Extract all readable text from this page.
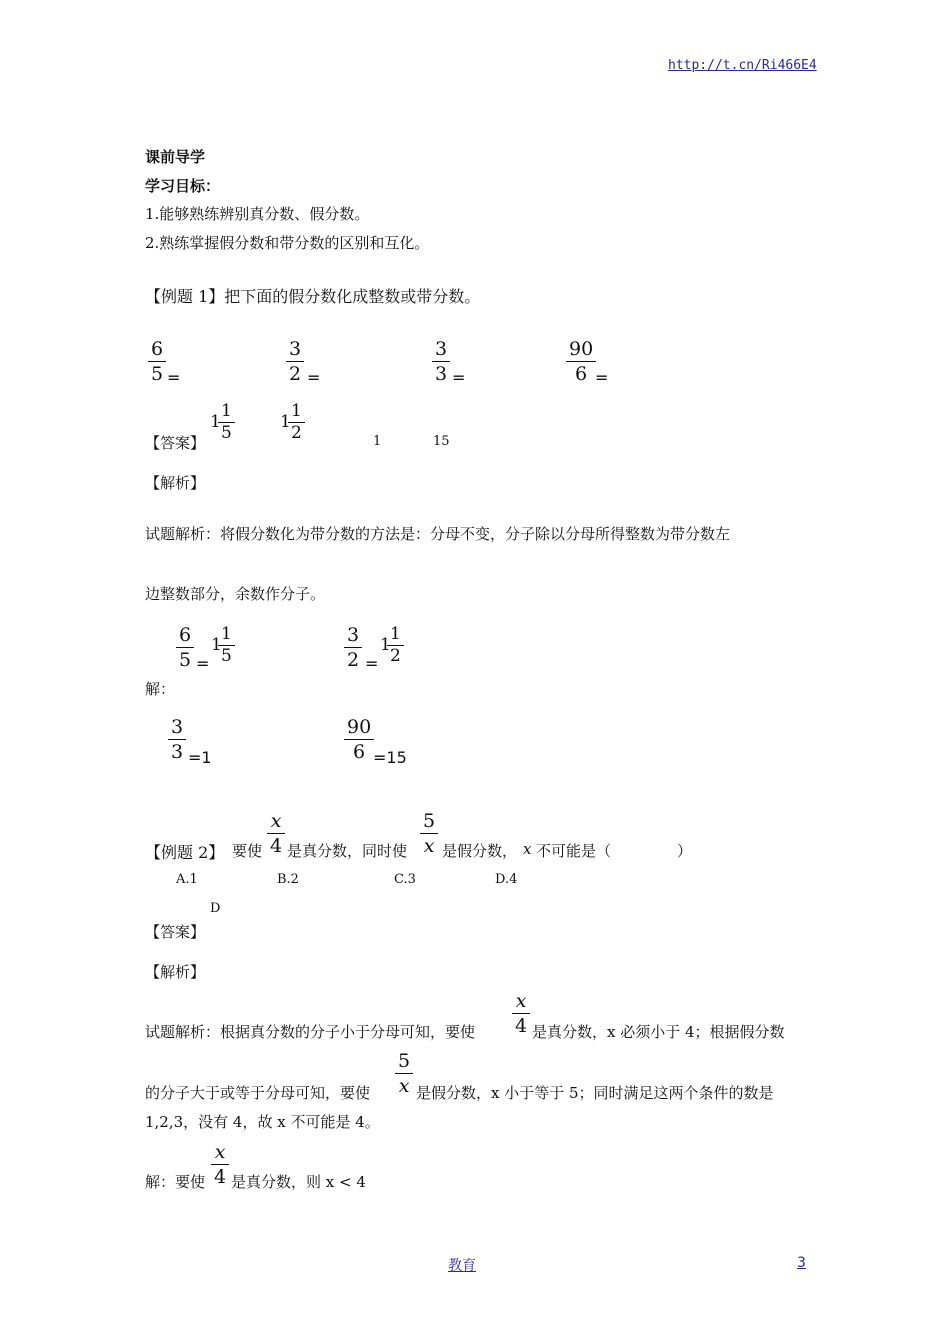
http://t.cn/Ri466E4
课前导学
学习目标：
1.能够熟练辨别真分数、假分数。
2.熟练掌握假分数和带分数的区别和互化。
【例题 1】把下面的假分数化成整数或带分数。
6
5 =
3
2 =
3
3 =
90
6 =
【答案】
1
1
5
1
1
2	1	15
【解析】
试题解析：将假分数化为带分数的方法是：分母不变，分子除以分母所得整数为带分数左
边整数部分，余数作分子。
6
5 =
1
1
5
3
2 =
1
1
2
解：
3
3 =1
90
6 =15
【例题 2】 要使
x
4 是真分数，同时使
5
x 是假分数， x 不可能是（	）
A.1	B.2	C.3	D.4
D
【答案】
【解析】
试题解析：根据真分数的分子小于分母可知，要使
x
4 是真分数，x 必须小于 4；根据假分数
的分子大于或等于分母可知，要使
5
x 是假分数，x 小于等于 5；同时满足这两个条件的数是
1,2,3，没有 4，故 x 不可能是 4。
解：要使
x
4 是真分数，则 x < 4
教育	3
